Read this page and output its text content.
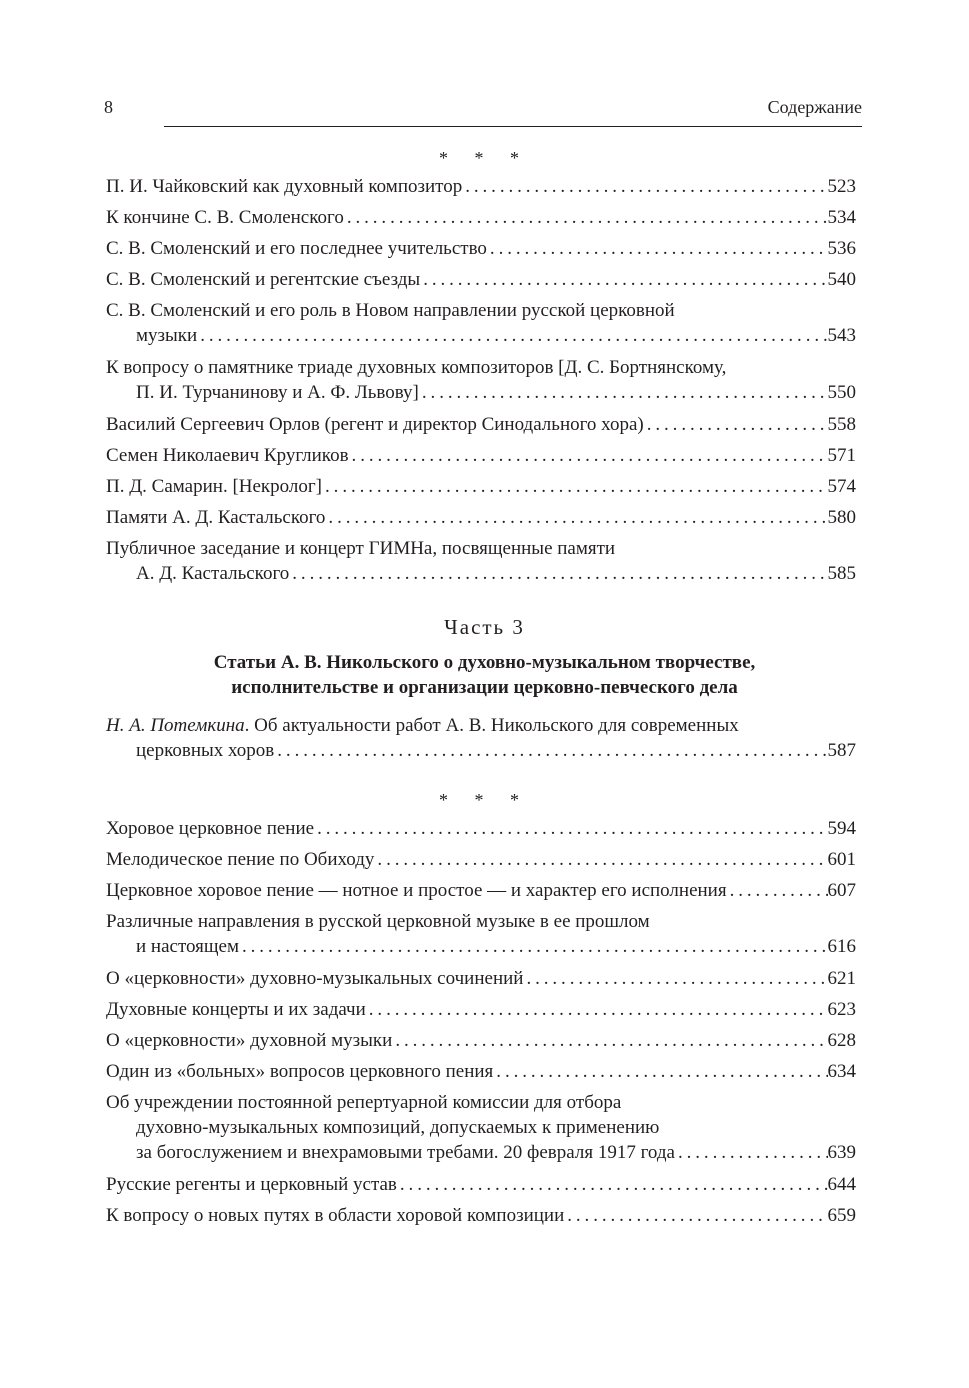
8	Содержание
* * *
П. И. Чайковский как духовный композитор .....	523
К кончине С. В. Смоленского .....	534
С. В. Смоленский и его последнее учительство .....	536
С. В. Смоленский и регентские съезды .....	540
С. В. Смоленский и его роль в Новом направлении русской церковной
музыки .....	543
К вопросу о памятнике триаде духовных композиторов [Д. С. Бортнянскому,
П. И. Турчанинову и А. Ф. Львову] .....	550
Василий Сергеевич Орлов (регент и директор Синодального хора) .....	558
Семен Николаевич Кругликов .....	571
П. Д. Самарин. [Некролог] .....	574
Памяти А. Д. Кастальского .....	580
Публичное заседание и концерт ГИМНа, посвященные памяти
А. Д. Кастальского .....	585
Часть 3
Статьи А. В. Никольского о духовно-музыкальном творчестве,
исполнительстве и организации церковно-певческого дела
Н. А. Потемкина. Об актуальности работ А. В. Никольского для современных
церковных хоров .....	587
* * *
Хоровое церковное пение .....	594
Мелодическое пение по Обиходу .....	601
Церковное хоровое пение — нотное и простое — и характер его исполнения .....	607
Различные направления в русской церковной музыке в ее прошлом
и настоящем .....	616
О «церковности» духовно-музыкальных сочинений .....	621
Духовные концерты и их задачи .....	623
О «церковности» духовной музыки .....	628
Один из «больных» вопросов церковного пения .....	634
Об учреждении постоянной репертуарной комиссии для отбора
духовно-музыкальных композиций, допускаемых к применению
за богослужением и внехрамовыми требами. 20 февраля 1917 года .....	639
Русские регенты и церковный устав .....	644
К вопросу о новых путях в области хоровой композиции .....	659
